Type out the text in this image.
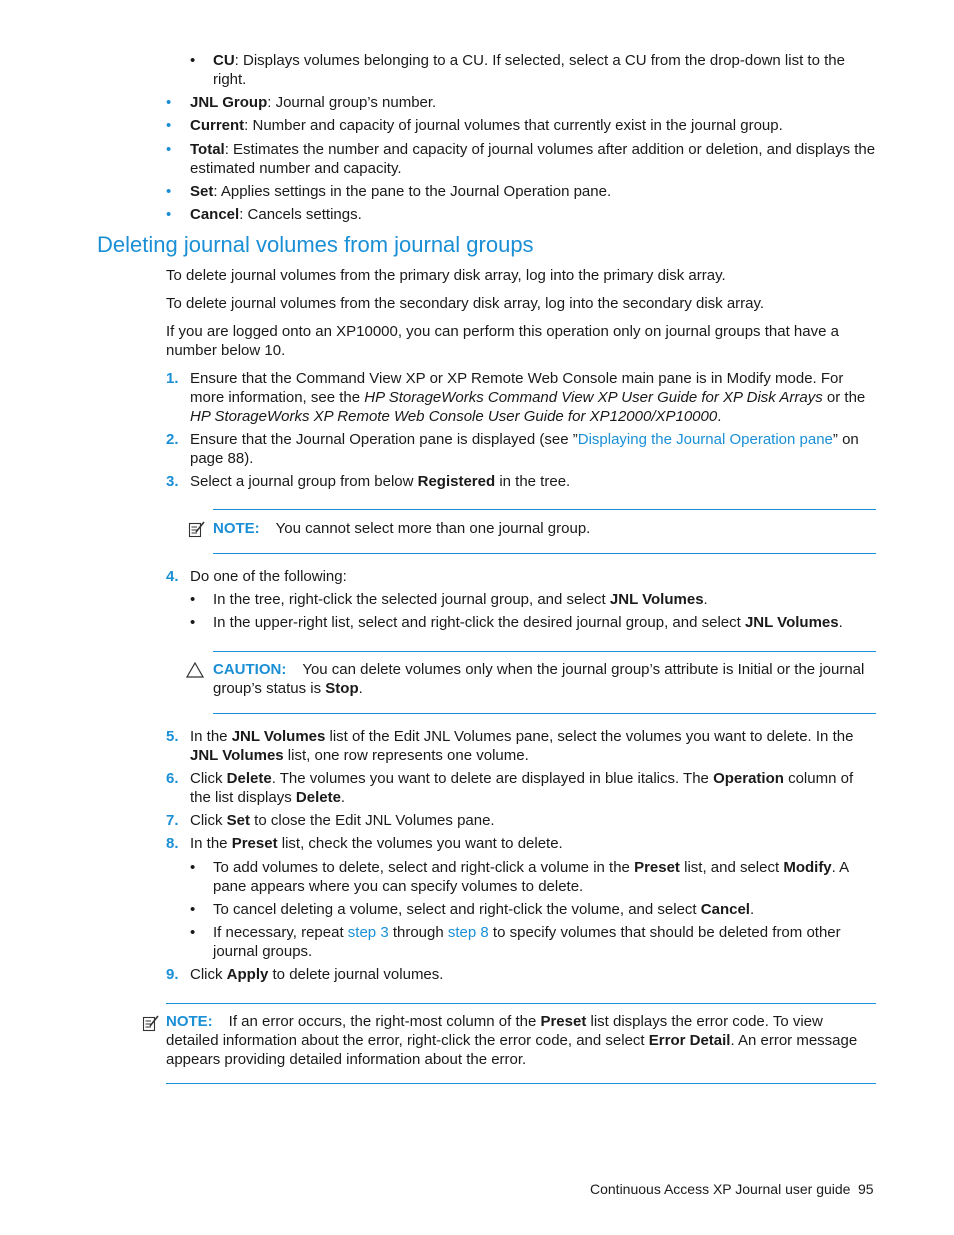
• CU: Displays volumes belonging to a CU. If selected, select a CU from the drop-down list to the right.
• JNL Group: Journal group’s number.
• Current: Number and capacity of journal volumes that currently exist in the journal group.
• Total: Estimates the number and capacity of journal volumes after addition or deletion, and displays the estimated number and capacity.
• Set: Applies settings in the pane to the Journal Operation pane.
• Cancel: Cancels settings.
Deleting journal volumes from journal groups
To delete journal volumes from the primary disk array, log into the primary disk array.
To delete journal volumes from the secondary disk array, log into the secondary disk array.
If you are logged onto an XP10000, you can perform this operation only on journal groups that have a number below 10.
1. Ensure that the Command View XP or XP Remote Web Console main pane is in Modify mode. For more information, see the HP StorageWorks Command View XP User Guide for XP Disk Arrays or the HP StorageWorks XP Remote Web Console User Guide for XP12000/XP10000.
2. Ensure that the Journal Operation pane is displayed (see ”Displaying the Journal Operation pane” on page 88).
3. Select a journal group from below Registered in the tree.
NOTE: You cannot select more than one journal group.
4. Do one of the following:
• In the tree, right-click the selected journal group, and select JNL Volumes.
• In the upper-right list, select and right-click the desired journal group, and select JNL Volumes.
CAUTION: You can delete volumes only when the journal group’s attribute is Initial or the journal group’s status is Stop.
5. In the JNL Volumes list of the Edit JNL Volumes pane, select the volumes you want to delete. In the JNL Volumes list, one row represents one volume.
6. Click Delete. The volumes you want to delete are displayed in blue italics. The Operation column of the list displays Delete.
7. Click Set to close the Edit JNL Volumes pane.
8. In the Preset list, check the volumes you want to delete.
• To add volumes to delete, select and right-click a volume in the Preset list, and select Modify. A pane appears where you can specify volumes to delete.
• To cancel deleting a volume, select and right-click the volume, and select Cancel.
• If necessary, repeat step 3 through step 8 to specify volumes that should be deleted from other journal groups.
9. Click Apply to delete journal volumes.
NOTE: If an error occurs, the right-most column of the Preset list displays the error code. To view detailed information about the error, right-click the error code, and select Error Detail. An error message appears providing detailed information about the error.
Continuous Access XP Journal user guide 95
